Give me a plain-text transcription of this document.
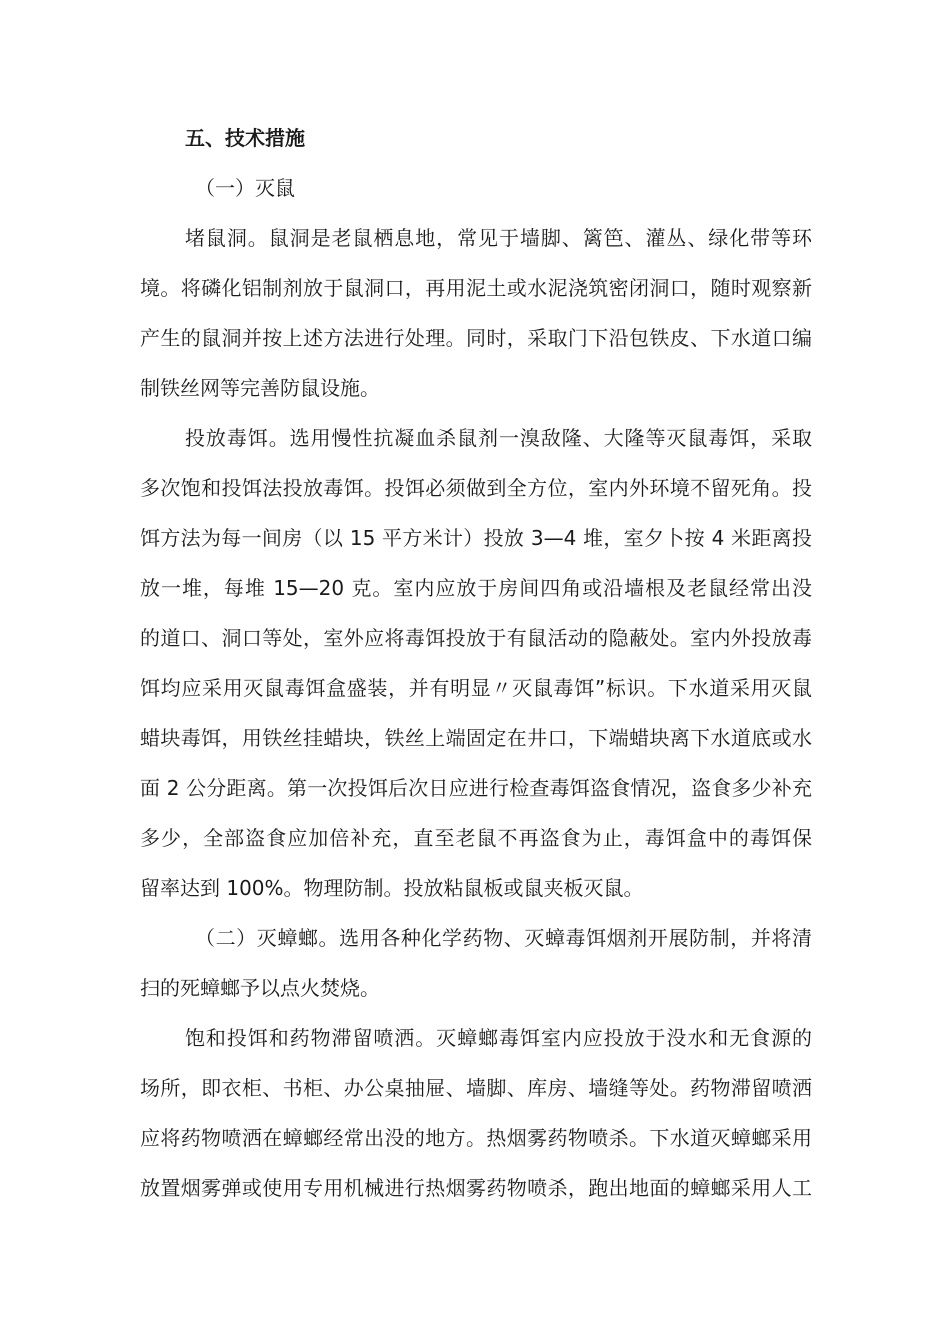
五、技术措施
（一）灭鼠
堵鼠洞。鼠洞是老鼠栖息地，常见于墙脚、篱笆、灌丛、绿化带等环
境。将磷化铝制剂放于鼠洞口，再用泥土或水泥浇筑密闭洞口，随时观察新
产生的鼠洞并按上述方法进行处理。同时，采取门下沿包铁皮、下水道口编
制铁丝网等完善防鼠设施。
投放毒饵。选用慢性抗凝血杀鼠剂一溴敌隆、大隆等灭鼠毒饵，采取
多次饱和投饵法投放毒饵。投饵必须做到全方位，室内外环境不留死角。投
饵方法为每一间房（以 15 平方米计）投放 3—4 堆，室夕卜按 4 米距离投
放一堆，每堆 15—20 克。室内应放于房间四角或沿墙根及老鼠经常出没
的道口、洞口等处，室外应将毒饵投放于有鼠活动的隐蔽处。室内外投放毒
饵均应采用灭鼠毒饵盒盛装，并有明显〃灭鼠毒饵”标识。下水道采用灭鼠
蜡块毒饵，用铁丝挂蜡块，铁丝上端固定在井口，下端蜡块离下水道底或水
面 2 公分距离。第一次投饵后次日应进行检查毒饵盗食情况，盗食多少补充
多少，全部盗食应加倍补充，直至老鼠不再盗食为止，毒饵盒中的毒饵保
留率达到 100%。物理防制。投放粘鼠板或鼠夹板灭鼠。
（二）灭蟑螂。选用各种化学药物、灭蟑毒饵烟剂开展防制，并将清
扫的死蟑螂予以点火焚烧。
饱和投饵和药物滞留喷洒。灭蟑螂毒饵室内应投放于没水和无食源的
场所，即衣柜、书柜、办公桌抽屉、墙脚、库房、墙缝等处。药物滞留喷洒
应将药物喷洒在蟑螂经常出没的地方。热烟雾药物喷杀。下水道灭蟑螂采用
放置烟雾弹或使用专用机械进行热烟雾药物喷杀，跑出地面的蟑螂采用人工
